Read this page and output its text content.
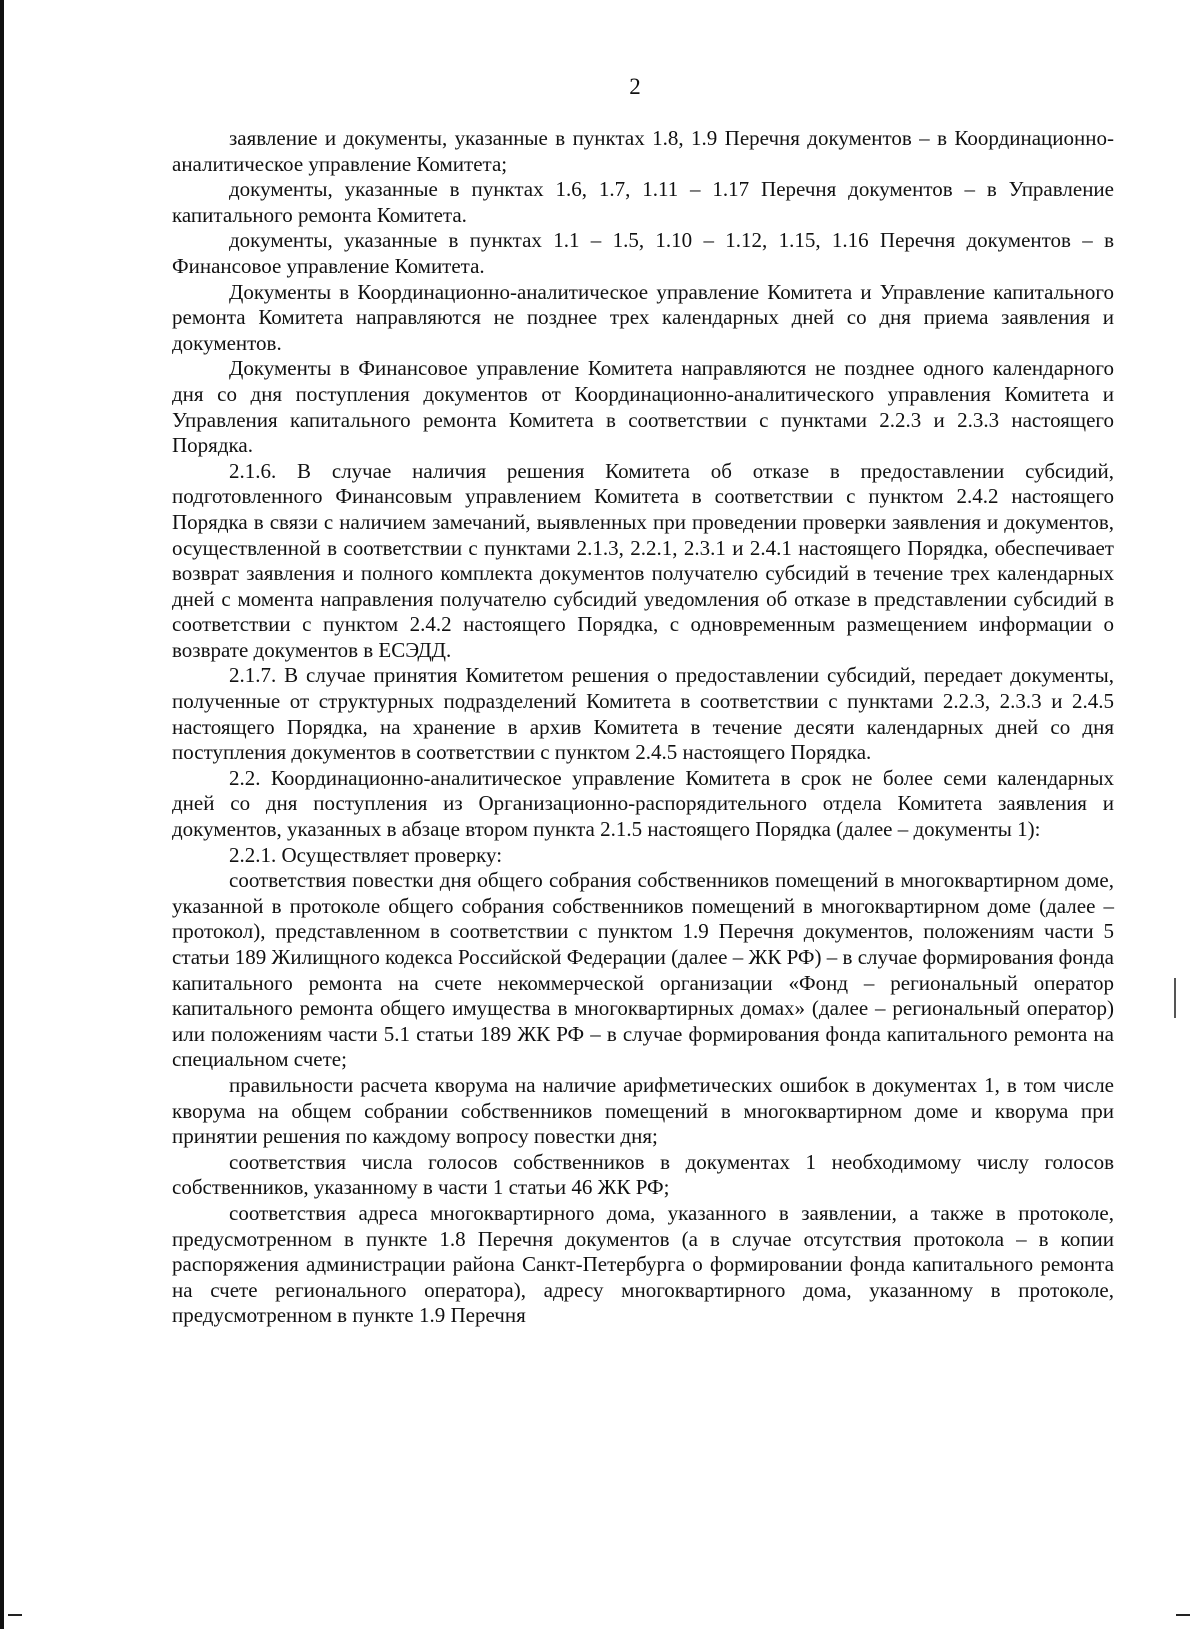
2

заявление и документы, указанные в пунктах 1.8, 1.9 Перечня документов – в Координационно-аналитическое управление Комитета;

документы, указанные в пунктах 1.6, 1.7, 1.11 – 1.17 Перечня документов – в Управление капитального ремонта Комитета.

документы, указанные в пунктах 1.1 – 1.5, 1.10 – 1.12, 1.15, 1.16 Перечня документов – в Финансовое управление Комитета.

Документы в Координационно-аналитическое управление Комитета и Управление капитального ремонта Комитета направляются не позднее трех календарных дней со дня приема заявления и документов.

Документы в Финансовое управление Комитета направляются не позднее одного календарного дня со дня поступления документов от Координационно-аналитического управления Комитета и Управления капитального ремонта Комитета в соответствии с пунктами 2.2.3 и 2.3.3 настоящего Порядка.

2.1.6. В случае наличия решения Комитета об отказе в предоставлении субсидий, подготовленного Финансовым управлением Комитета в соответствии с пунктом 2.4.2 настоящего Порядка в связи с наличием замечаний, выявленных при проведении проверки заявления и документов, осуществленной в соответствии с пунктами 2.1.3, 2.2.1, 2.3.1 и 2.4.1 настоящего Порядка, обеспечивает возврат заявления и полного комплекта документов получателю субсидий в течение трех календарных дней с момента направления получателю субсидий уведомления об отказе в представлении субсидий в соответствии с пунктом 2.4.2 настоящего Порядка, с одновременным размещением информации о возврате документов в ЕСЭДД.

2.1.7. В случае принятия Комитетом решения о предоставлении субсидий, передает документы, полученные от структурных подразделений Комитета в соответствии с пунктами 2.2.3, 2.3.3 и 2.4.5 настоящего Порядка, на хранение в архив Комитета в течение десяти календарных дней со дня поступления документов в соответствии с пунктом 2.4.5 настоящего Порядка.

2.2. Координационно-аналитическое управление Комитета в срок не более семи календарных дней со дня поступления из Организационно-распорядительного отдела Комитета заявления и документов, указанных в абзаце втором пункта 2.1.5 настоящего Порядка (далее – документы 1):

2.2.1. Осуществляет проверку:

соответствия повестки дня общего собрания собственников помещений в многоквартирном доме, указанной в протоколе общего собрания собственников помещений в многоквартирном доме (далее – протокол), представленном в соответствии с пунктом 1.9 Перечня документов, положениям части 5 статьи 189 Жилищного кодекса Российской Федерации (далее – ЖК РФ) – в случае формирования фонда капитального ремонта на счете некоммерческой организации «Фонд – региональный оператор капитального ремонта общего имущества в многоквартирных домах» (далее – региональный оператор) или положениям части 5.1 статьи 189 ЖК РФ – в случае формирования фонда капитального ремонта на специальном счете;

правильности расчета кворума на наличие арифметических ошибок в документах 1, в том числе кворума на общем собрании собственников помещений в многоквартирном доме и кворума при принятии решения по каждому вопросу повестки дня;

соответствия числа голосов собственников в документах 1 необходимому числу голосов собственников, указанному в части 1 статьи 46 ЖК РФ;

соответствия адреса многоквартирного дома, указанного в заявлении, а также в протоколе, предусмотренном в пункте 1.8 Перечня документов (а в случае отсутствия протокола – в копии распоряжения администрации района Санкт-Петербурга о формировании фонда капитального ремонта на счете регионального оператора), адресу многоквартирного дома, указанному в протоколе, предусмотренном в пункте 1.9 Перечня
